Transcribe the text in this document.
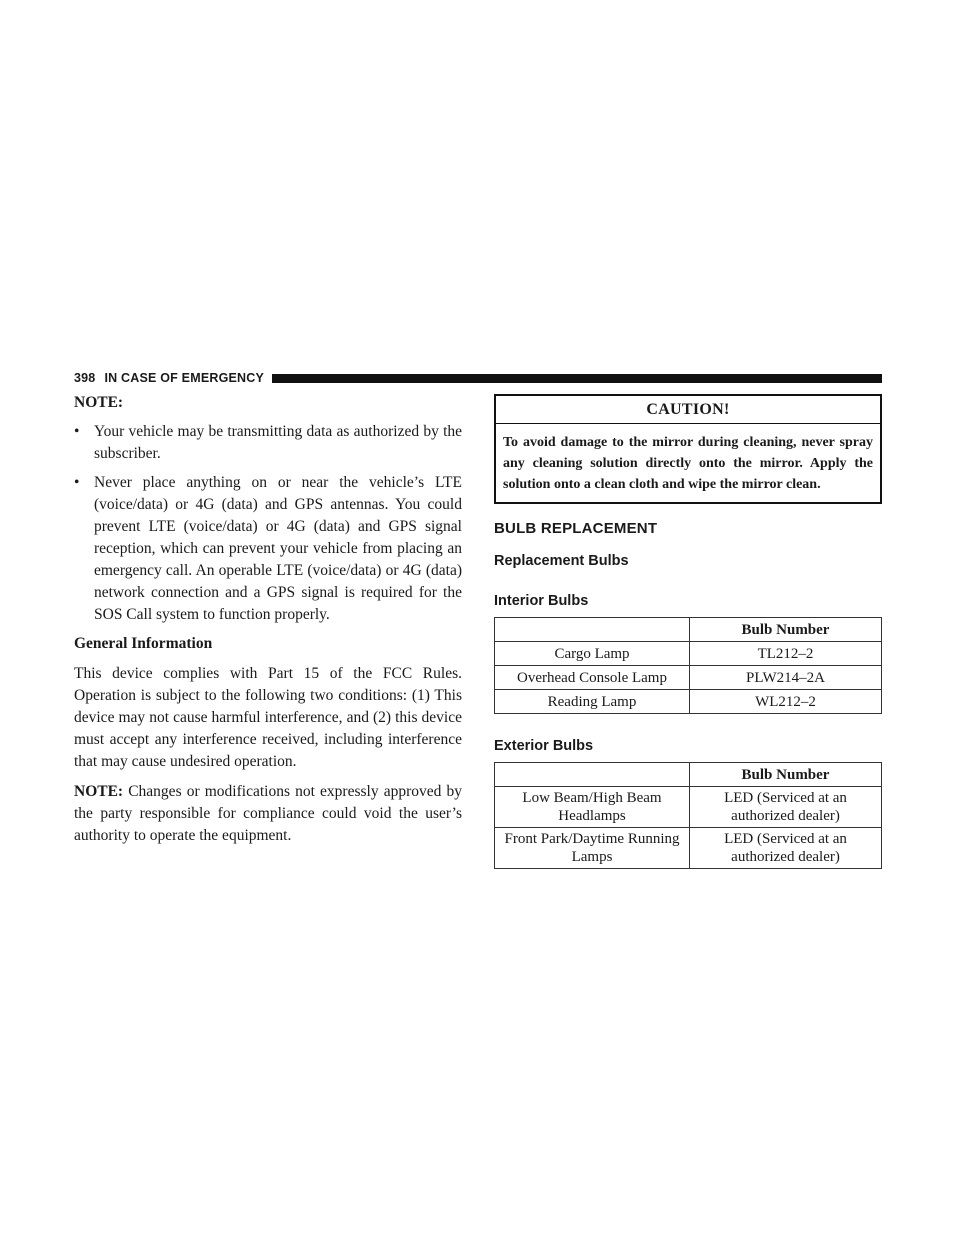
398 IN CASE OF EMERGENCY
NOTE:
• Your vehicle may be transmitting data as authorized by the subscriber.
• Never place anything on or near the vehicle’s LTE (voice/data) or 4G (data) and GPS antennas. You could prevent LTE (voice/data) or 4G (data) and GPS signal reception, which can prevent your vehicle from placing an emergency call. An operable LTE (voice/data) or 4G (data) network connection and a GPS signal is required for the SOS Call system to function properly.
General Information

This device complies with Part 15 of the FCC Rules. Operation is subject to the following two conditions: (1) This device may not cause harmful interference, and (2) this device must accept any interference received, including interference that may cause undesired operation.

NOTE: Changes or modifications not expressly approved by the party responsible for compliance could void the user’s authority to operate the equipment.

CAUTION!
To avoid damage to the mirror during cleaning, never spray any cleaning solution directly onto the mirror. Apply the solution onto a clean cloth and wipe the mirror clean.
BULB REPLACEMENT
Replacement Bulbs
Interior Bulbs
	Bulb Number
Cargo Lamp	TL212–2
Overhead Console Lamp	PLW214–2A
Reading Lamp	WL212–2
Exterior Bulbs
	Bulb Number
Low Beam/High Beam Headlamps	LED (Serviced at an authorized dealer)
Front Park/Daytime Running Lamps	LED (Serviced at an authorized dealer)
